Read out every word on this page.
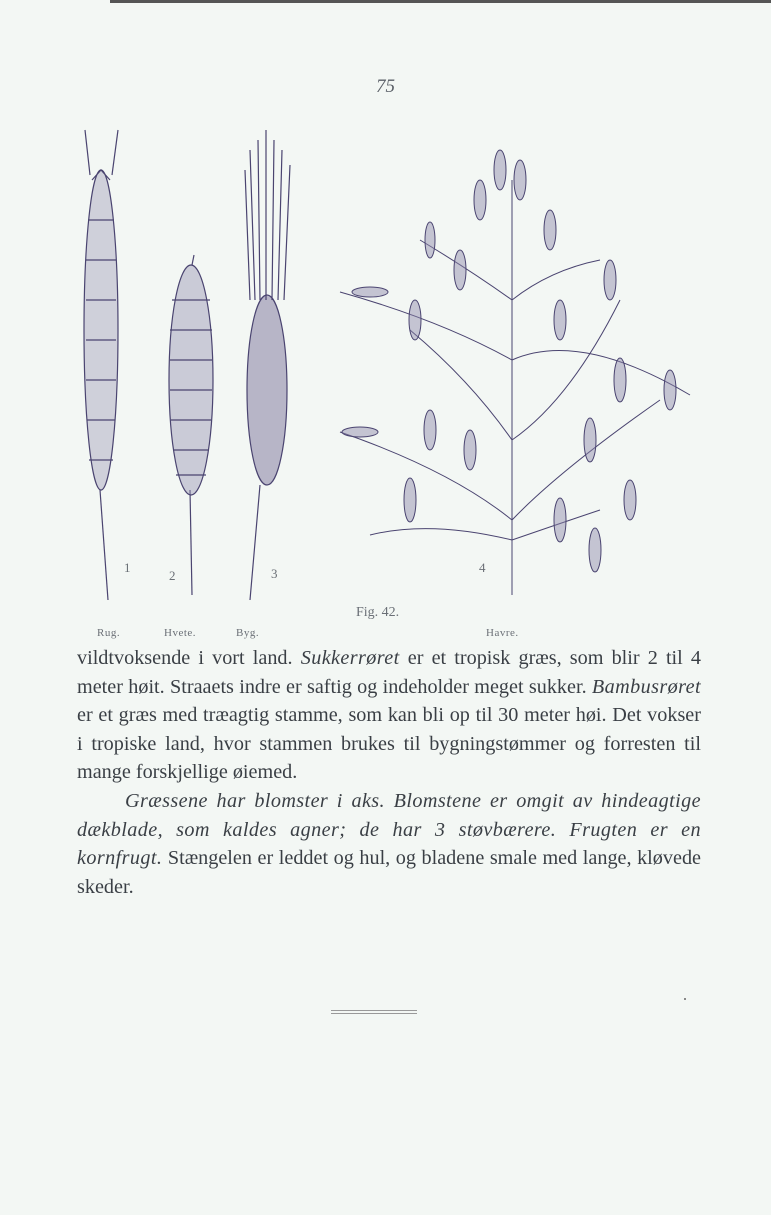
75
1
2	3	4
Fig. 42.
Rug.	Hvete.	Byg.	Havre.

vildtvoksende i vort land. Sukkerrøret er et tropisk græs, som blir 2 til 4 meter høit. Straaets indre er saftig og indeholder meget sukker. Bambusrøret er et græs med træagtig stamme, som kan bli op til 30 meter høi. Det vokser i tropiske land, hvor stammen brukes til bygningstømmer og forresten til mange forskjellige øiemed.

Græssene har blomster i aks. Blomstene er omgit av hindeagtige dækblade, som kaldes agner; de har 3 støvbærere. Frugten er en kornfrugt. Stængelen er leddet og hul, og bladene smale med lange, kløvede skeder.
